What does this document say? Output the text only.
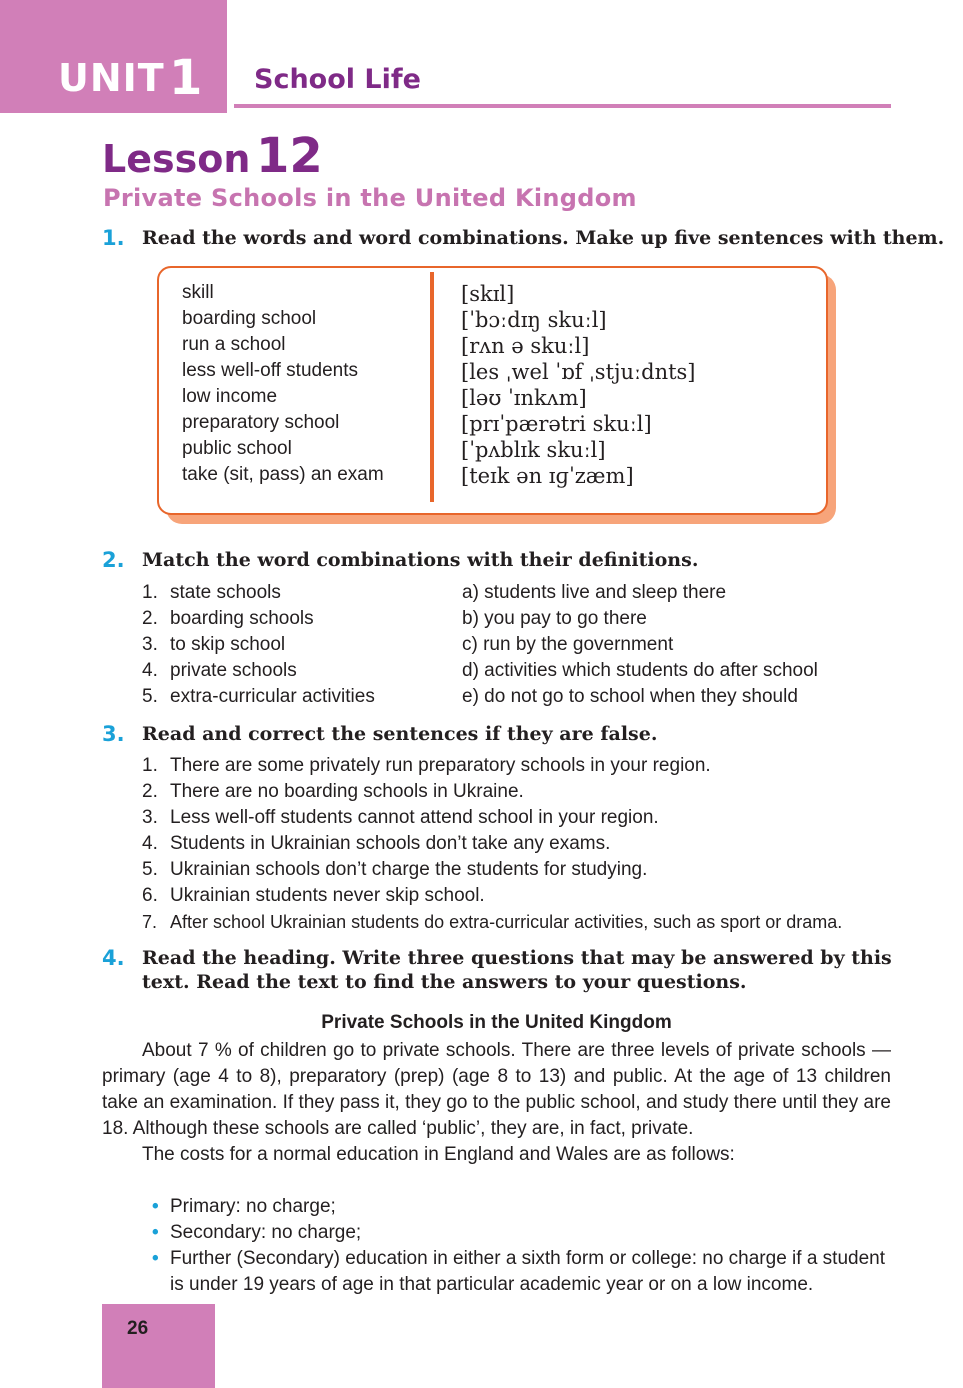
UNIT 1 School Life
Lesson 12
Private Schools in the United Kingdom
1. Read the words and word combinations. Make up five sentences with them.
skill
boarding school
run a school
less well-off students
low income
preparatory school
public school
take (sit, pass) an exam
[skɪl]
[ˈbɔːdɪŋ skuːl]
[rʌn ə skuːl]
[les ˌwel ˈɒf ˌstjuːdnts]
[ləʊ ˈɪnkʌm]
[prɪˈpærətri skuːl]
[ˈpʌblɪk skuːl]
[teɪk ən ɪɡˈzæm]
2. Match the word combinations with their definitions.
1. state schools
2. boarding schools
3. to skip school
4. private schools
5. extra-curricular activities
a) students live and sleep there
b) you pay to go there
c) run by the government
d) activities which students do after school
e) do not go to school when they should
3. Read and correct the sentences if they are false.
1. There are some privately run preparatory schools in your region.
2. There are no boarding schools in Ukraine.
3. Less well-off students cannot attend school in your region.
4. Students in Ukrainian schools don’t take any exams.
5. Ukrainian schools don’t charge the students for studying.
6. Ukrainian students never skip school.
7. After school Ukrainian students do extra-curricular activities, such as sport or drama.
4. Read the heading. Write three questions that may be answered by this
text. Read the text to find the answers to your questions.
Private Schools in the United Kingdom
About 7 % of children go to private schools. There are three levels of private schools — primary (age 4 to 8), preparatory (prep) (age 8 to 13) and public. At the age of 13 children take an examination. If they pass it, they go to the public school, and study there until they are 18. Although these schools are called ‘public’, they are, in fact, private.
The costs for a normal education in England and Wales are as follows:
• Primary: no charge;
• Secondary: no charge;
• Further (Secondary) education in either a sixth form or college: no charge if a student is under 19 years of age in that particular academic year or on a low income.
26
